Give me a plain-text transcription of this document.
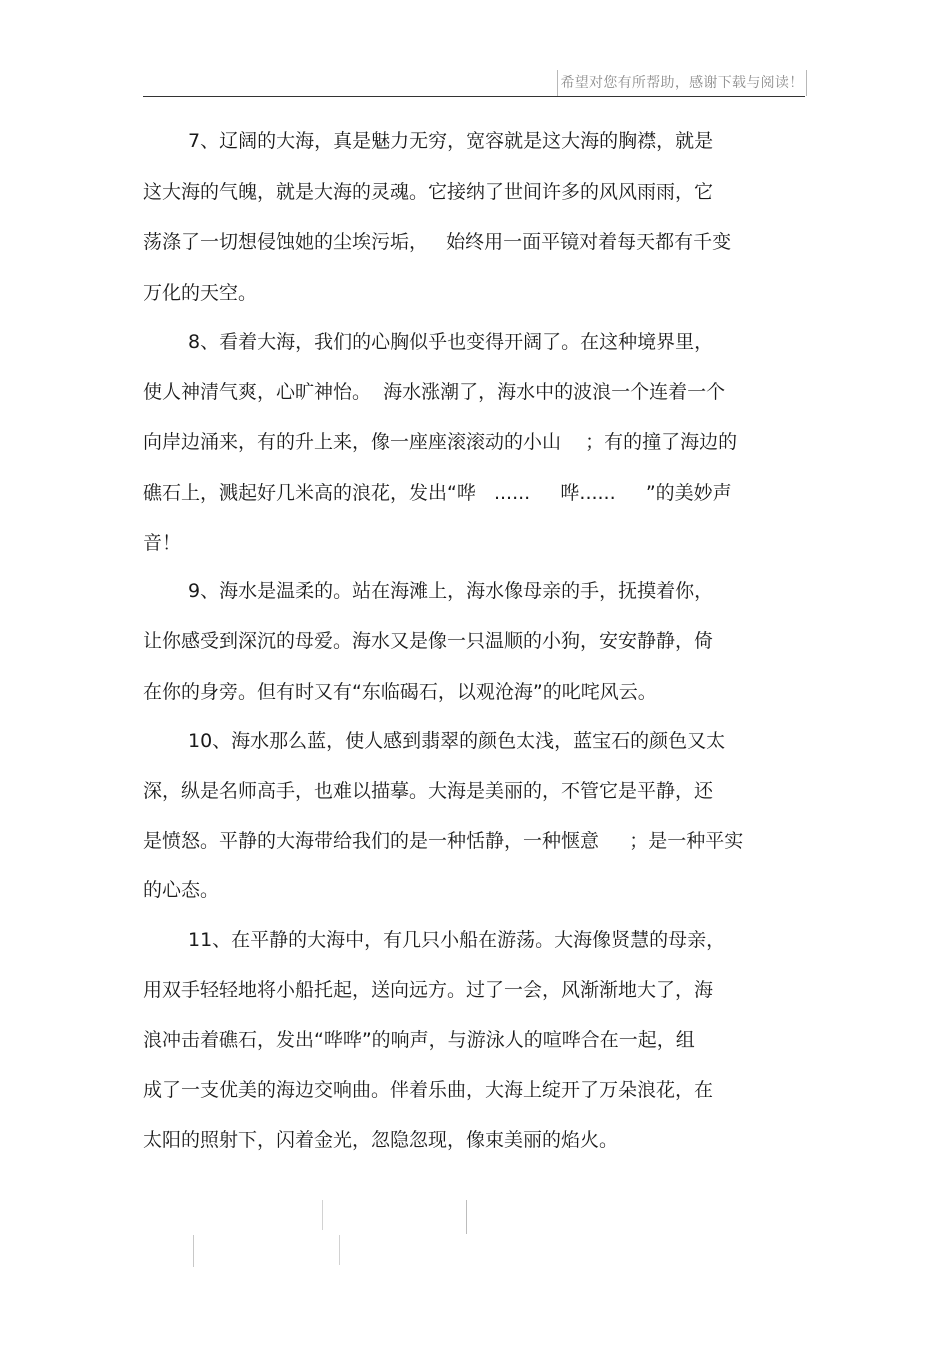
希望对您有所帮助，感谢下载与阅读！
7、辽阔的大海，真是魅力无穷，宽容就是这大海的胸襟，就是
这大海的气魄，就是大海的灵魂。它接纳了世间许多的风风雨雨，它
荡涤了一切想侵蚀她的尘埃污垢，   始终用一面平镜对着每天都有千变
万化的天空。
8、看着大海，我们的心胸似乎也变得开阔了。在这种境界里，
使人神清气爽，心旷神怡。  海水涨潮了，海水中的波浪一个连着一个
向岸边涌来，有的升上来，像一座座滚滚动的小山    ；有的撞了海边的
礁石上，溅起好几米高的浪花，发出“哗   ......     哗......     ”的美妙声
音！
9、海水是温柔的。站在海滩上，海水像母亲的手，抚摸着你，
让你感受到深沉的母爱。海水又是像一只温顺的小狗，安安静静，倚
在你的身旁。但有时又有“东临碣石，以观沧海”的叱咤风云。
10、海水那么蓝，使人感到翡翠的颜色太浅，蓝宝石的颜色又太
深，纵是名师高手，也难以描摹。大海是美丽的，不管它是平静，还
是愤怒。平静的大海带给我们的是一种恬静，一种惬意     ；是一种平实
的心态。
11、在平静的大海中，有几只小船在游荡。大海像贤慧的母亲，
用双手轻轻地将小船托起，送向远方。过了一会，风渐渐地大了，海
浪冲击着礁石，发出“哗哗”的响声，与游泳人的喧哗合在一起，组
成了一支优美的海边交响曲。伴着乐曲，大海上绽开了万朵浪花，在
太阳的照射下，闪着金光，忽隐忽现，像束美丽的焰火。
